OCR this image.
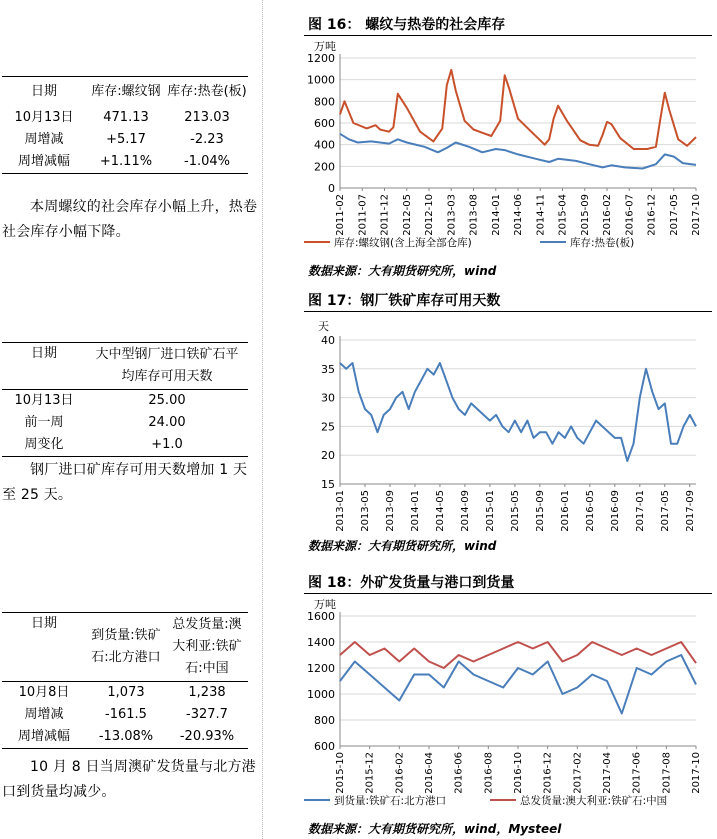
日期	库存:螺纹钢	库存:热卷(板)

10月13日	471.13	213.03
周增减	+5.17	-2.23
周增减幅	+1.11%	-1.04%
本周螺纹的社会库存小幅上升，热卷社会库存小幅下降。
日期	大中型钢厂进口铁矿石平均库存可用天数
10月13日	25.00
前一周	24.00
周变化	+1.0
钢厂进口矿库存可用天数增加 1 天至 25 天。
日期	到货量:铁矿石:北方港口	总发货量:澳大利亚:铁矿石:中国
10月8日	1,073	1,238
周增减	-161.5	-327.7
周增减幅	-13.08%	-20.93%
10 月 8 日当周澳矿发货量与北方港口到货量均减少。
图 16： 螺纹与热卷的社会库存
万吨
0
200
400
600
800
1000
1200
2011-02 2011-07 2011-12 2012-05 2012-10 2013-03 2013-08 2014-01 2014-06 2014-11 2015-04 2015-09 2016-02 2016-07 2016-12 2017-05 2017-10
库存:螺纹钢(含上海全部仓库)	库存:热卷(板)
数据来源：大有期货研究所，wind
图 17：钢厂铁矿库存可用天数
天
15
20
25
30
35
40
2013-01 2013-05 2013-09 2014-01 2014-05 2014-09 2015-01 2015-05 2015-09 2016-01 2016-05 2016-09 2017-01 2017-05 2017-09
数据来源：大有期货研究所，wind
图 18：外矿发货量与港口到货量
万吨
600
800
1000
1200
1400
1600
2015-10 2015-12 2016-02 2016-04 2016-06 2016-08 2016-10 2016-12 2017-02 2017-04 2017-06 2017-08 2017-10
到货量:铁矿石:北方港口	总发货量:澳大利亚:铁矿石:中国
数据来源：大有期货研究所，wind，Mysteel
